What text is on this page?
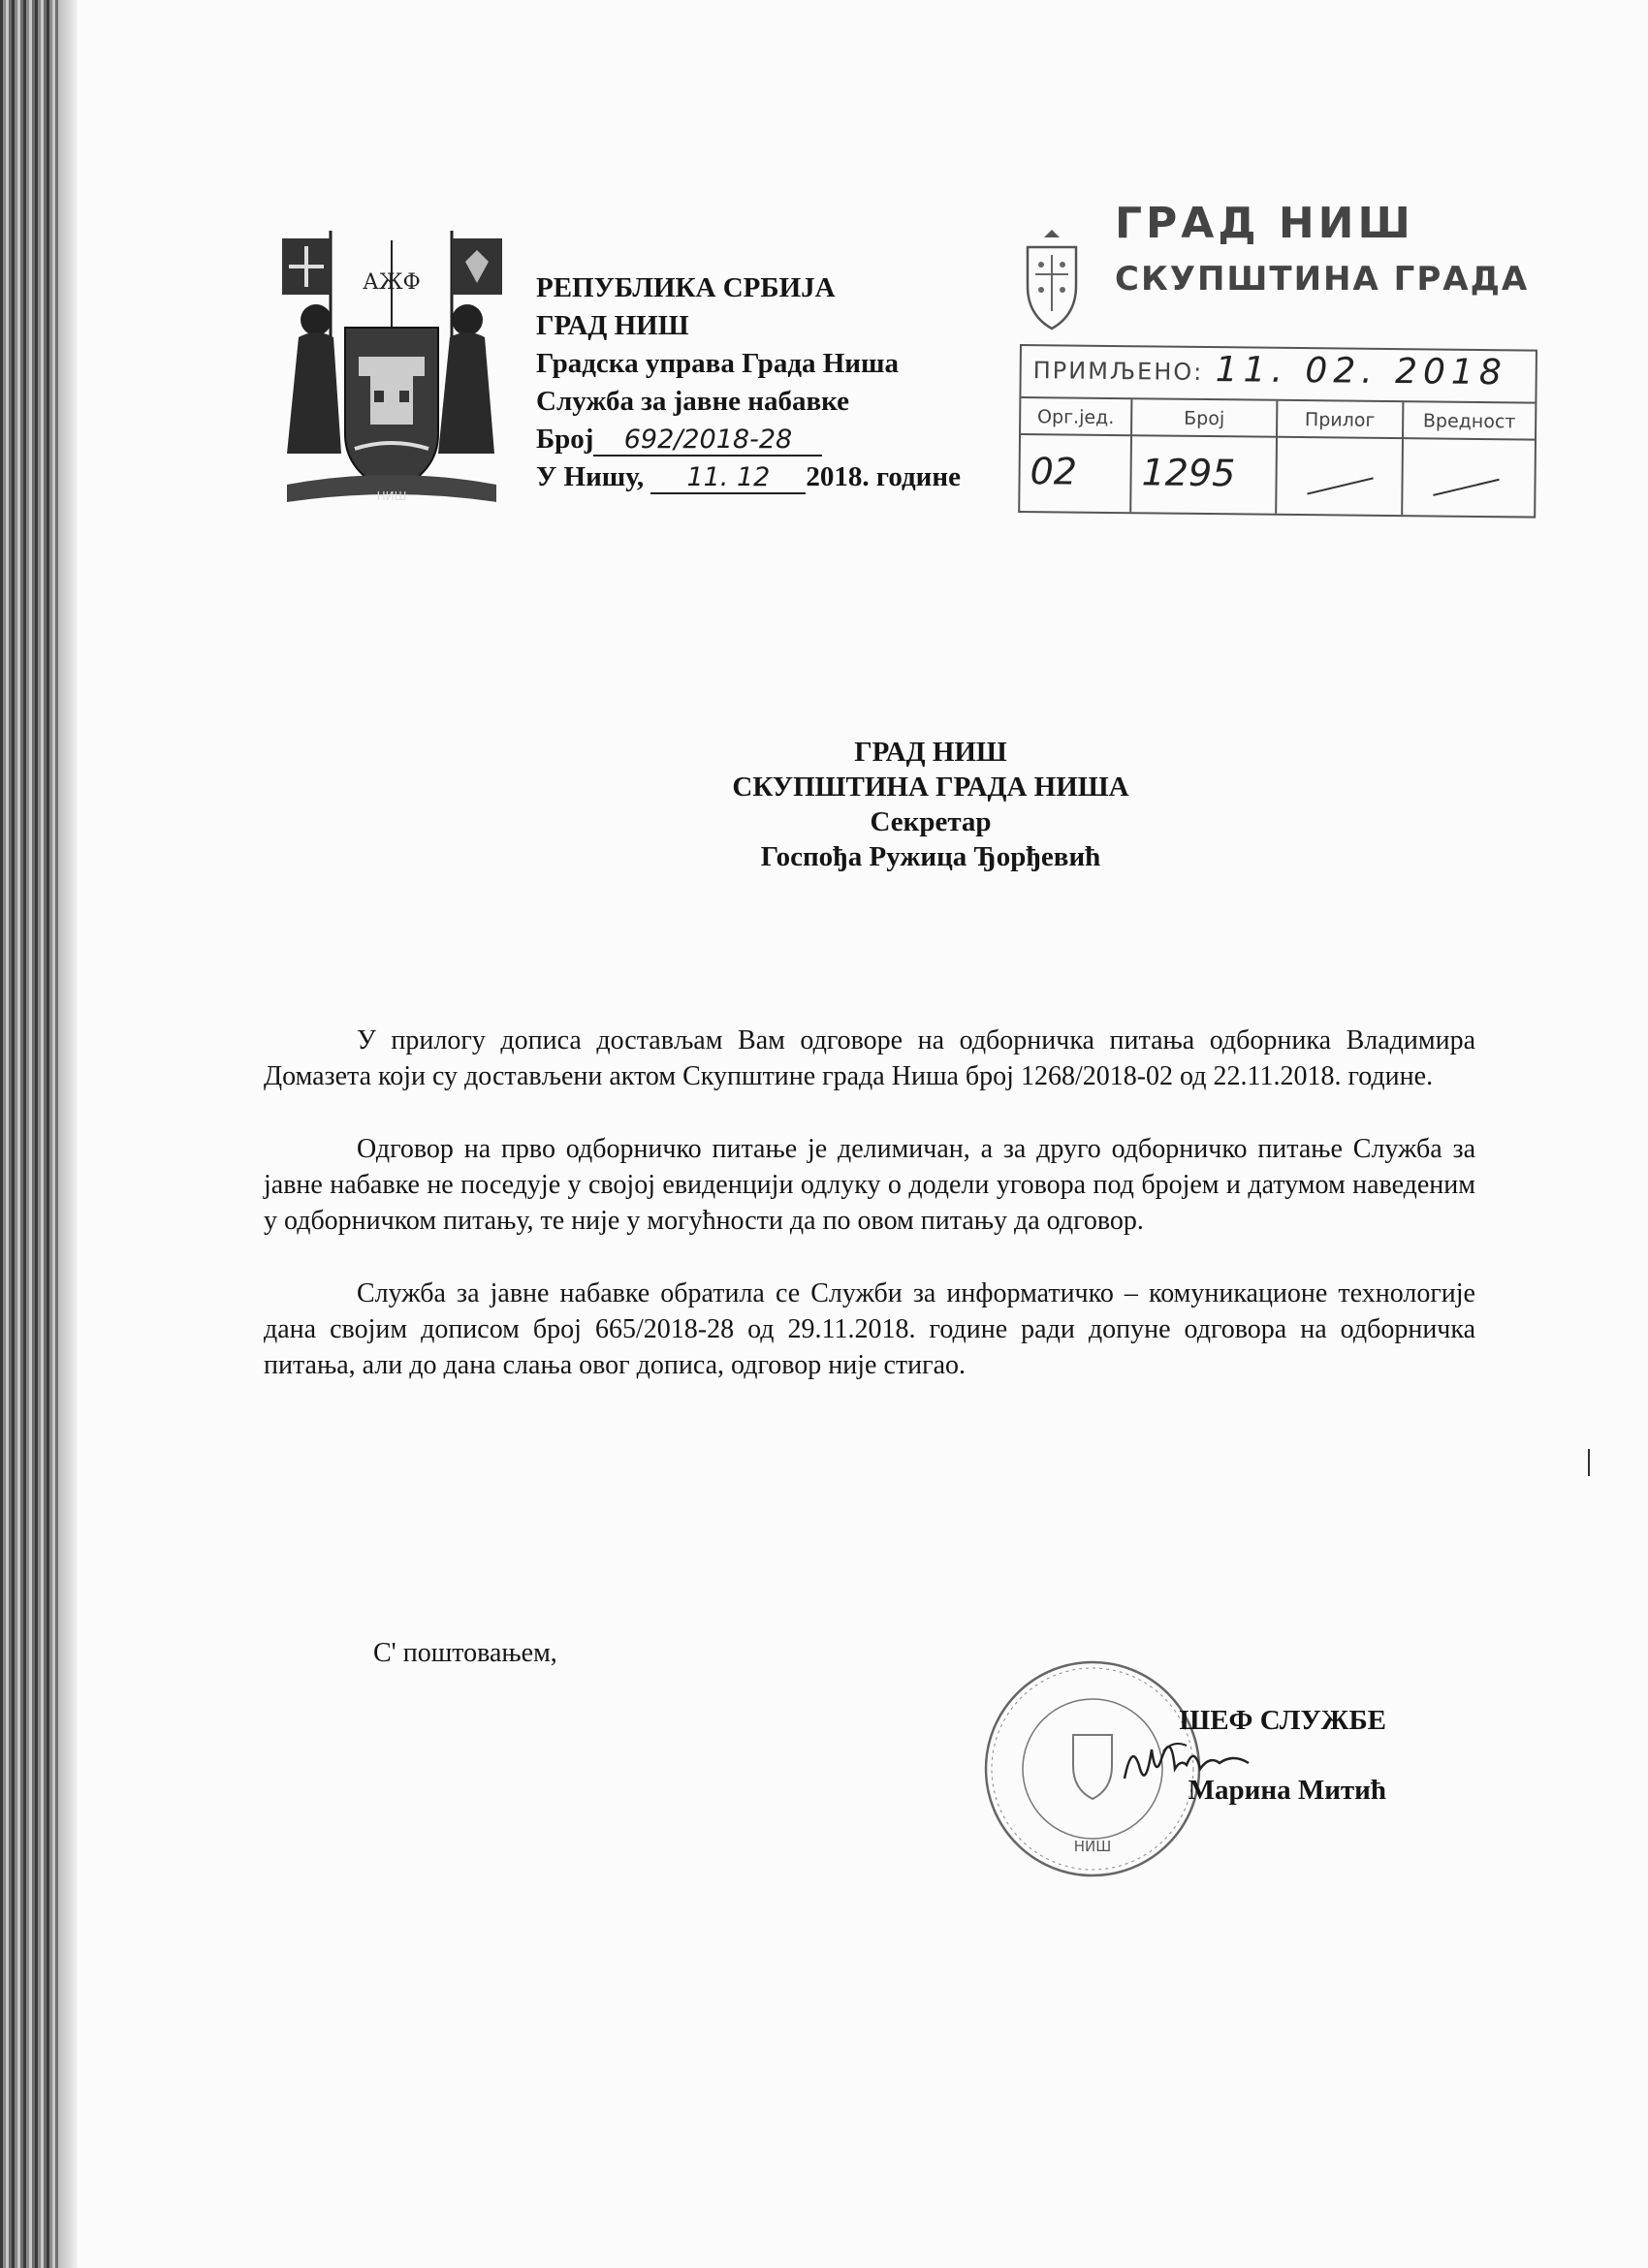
АЖФ
НИШ
РЕПУБЛИКА СРБИЈА
ГРАД НИШ
Градска управа Града Ниша
Служба за јавне набавке
Број 692/2018-28
У Нишу, 11. 12 2018. године
ГРАД НИШ
СКУПШТИНА ГРАДА
ПРИМЉЕНО: 11. 02. 2018
Орг.јед.	Број	Прилог	Вредност
02	1295
ГРАД НИШ
СКУПШТИНА ГРАДА НИША
Секретар
Госпођа Ружица Ђорђевић

У прилогу дописа достављам Вам одговоре на одборничка питања одборника Владимира Домазета који су достављени актом Скупштине града Ниша број 1268/2018-02 од 22.11.2018. године.

Одговор на прво одборничко питање је делимичан, а за друго одборничко питање Служба за јавне набавке не поседује у својој евиденцији одлуку о додели уговора под бројем и датумом наведеним у одборничком питању, те није у могућности да по овом питању да одговор.

Служба за јавне набавке обратила се Служби за информатичко – комуникационе технологије дана својим дописом број 665/2018-28 од 29.11.2018. године ради допуне одговора на одборничка питања, али до дана слања овог дописа, одговор није стигао.

С' поштовањем,
НИШ
ШЕФ СЛУЖБЕ
Марина Митић
